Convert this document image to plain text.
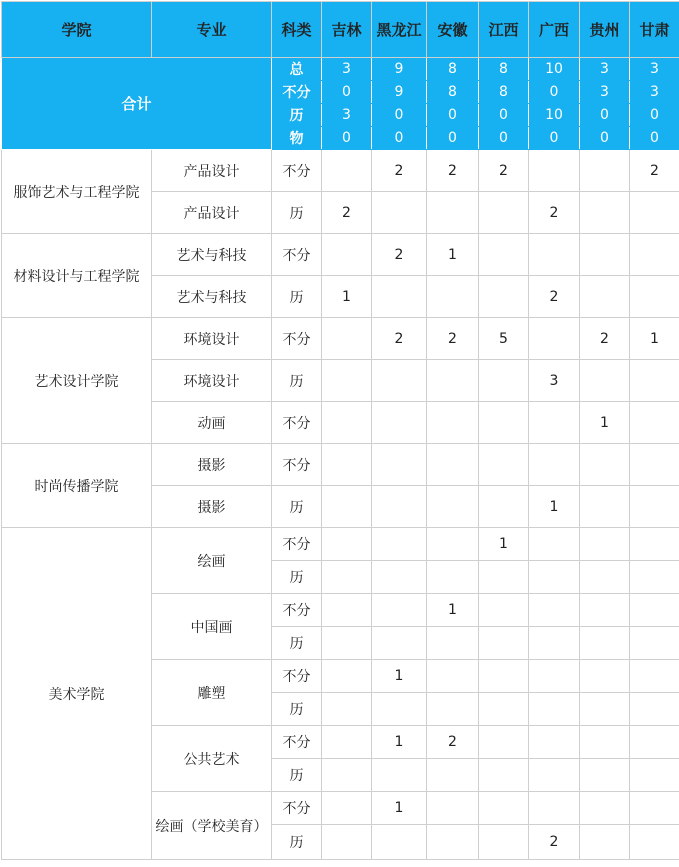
学院	专业	科类	吉林	黑龙江	安徽	江西	广西	贵州	甘肃
合计		总	3	9	8	8	10	3	3
		不分	0	9	8	8	0	3	3
		历	3	0	0	0	10	0	0
		物	0	0	0	0	0	0	0
服饰艺术与工程学院	产品设计	不分		2	2	2			2
	产品设计	历	2				2		
材料设计与工程学院	艺术与科技	不分		2	1				
	艺术与科技	历	1				2		
艺术设计学院	环境设计	不分		2	2	5		2	1
	环境设计	历					3		
	动画	不分						1	
时尚传播学院	摄影	不分							
	摄影	历					1		
美术学院	绘画	不分				1			
		历							
	中国画	不分			1				
		历							
	雕塑	不分		1					
		历							
	公共艺术	不分		1	2				
		历							
	绘画（学校美育）	不分		1					
		历					2		
